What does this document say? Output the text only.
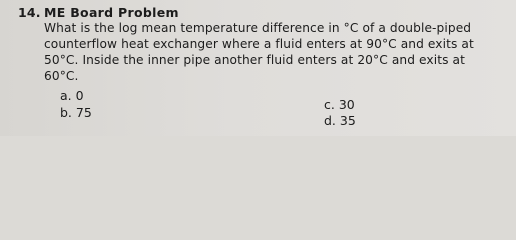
14. ME Board Problem
What is the log mean temperature difference in °C of a double-piped
counterflow heat exchanger where a fluid enters at 90°C and exits at
50°C. Inside the inner pipe another fluid enters at 20°C and exits at
60°C.
a. 0
b. 75
c. 30
d. 35
